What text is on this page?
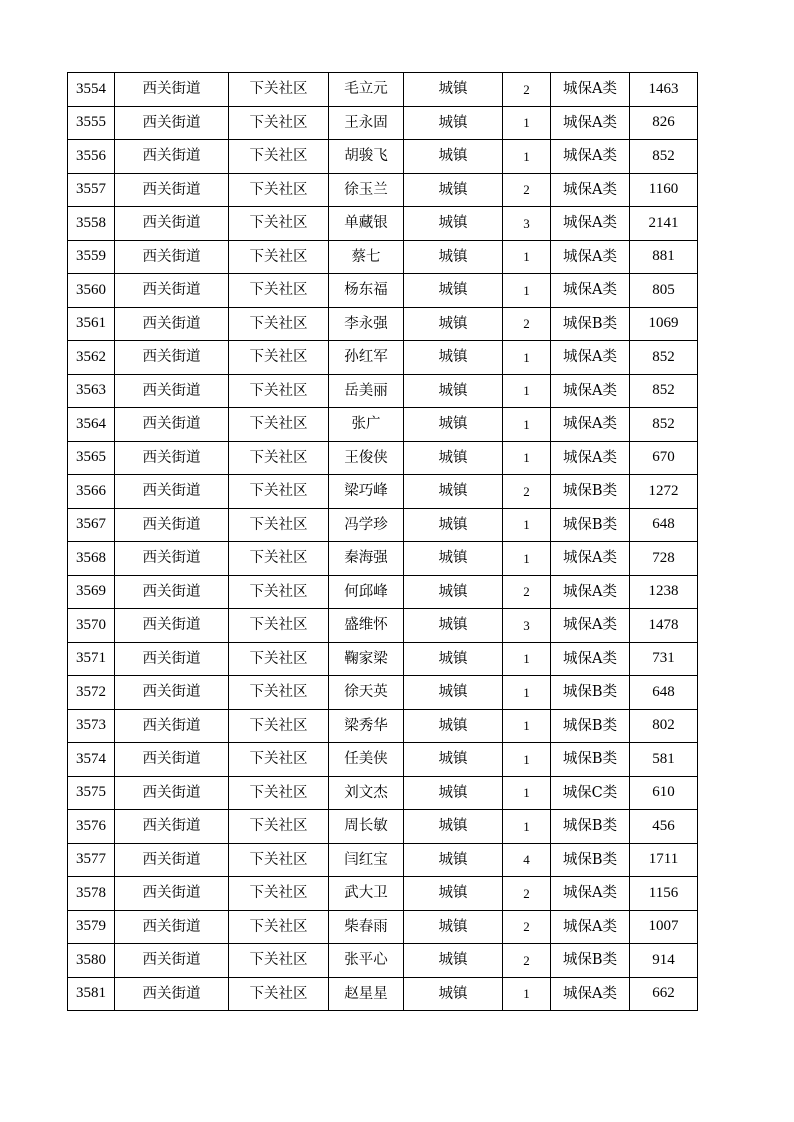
3554	西关街道	下关社区	毛立元	城镇	2	城保A类	1463
3555	西关街道	下关社区	王永固	城镇	1	城保A类	826
3556	西关街道	下关社区	胡骏飞	城镇	1	城保A类	852
3557	西关街道	下关社区	徐玉兰	城镇	2	城保A类	1160
3558	西关街道	下关社区	单藏银	城镇	3	城保A类	2141
3559	西关街道	下关社区	蔡七	城镇	1	城保A类	881
3560	西关街道	下关社区	杨东福	城镇	1	城保A类	805
3561	西关街道	下关社区	李永强	城镇	2	城保B类	1069
3562	西关街道	下关社区	孙红军	城镇	1	城保A类	852
3563	西关街道	下关社区	岳美丽	城镇	1	城保A类	852
3564	西关街道	下关社区	张广	城镇	1	城保A类	852
3565	西关街道	下关社区	王俊侠	城镇	1	城保A类	670
3566	西关街道	下关社区	梁巧峰	城镇	2	城保B类	1272
3567	西关街道	下关社区	冯学珍	城镇	1	城保B类	648
3568	西关街道	下关社区	秦海强	城镇	1	城保A类	728
3569	西关街道	下关社区	何邱峰	城镇	2	城保A类	1238
3570	西关街道	下关社区	盛维怀	城镇	3	城保A类	1478
3571	西关街道	下关社区	鞠家梁	城镇	1	城保A类	731
3572	西关街道	下关社区	徐天英	城镇	1	城保B类	648
3573	西关街道	下关社区	梁秀华	城镇	1	城保B类	802
3574	西关街道	下关社区	任美侠	城镇	1	城保B类	581
3575	西关街道	下关社区	刘文杰	城镇	1	城保C类	610
3576	西关街道	下关社区	周长敏	城镇	1	城保B类	456
3577	西关街道	下关社区	闫红宝	城镇	4	城保B类	1711
3578	西关街道	下关社区	武大卫	城镇	2	城保A类	1156
3579	西关街道	下关社区	柴春雨	城镇	2	城保A类	1007
3580	西关街道	下关社区	张平心	城镇	2	城保B类	914
3581	西关街道	下关社区	赵星星	城镇	1	城保A类	662
